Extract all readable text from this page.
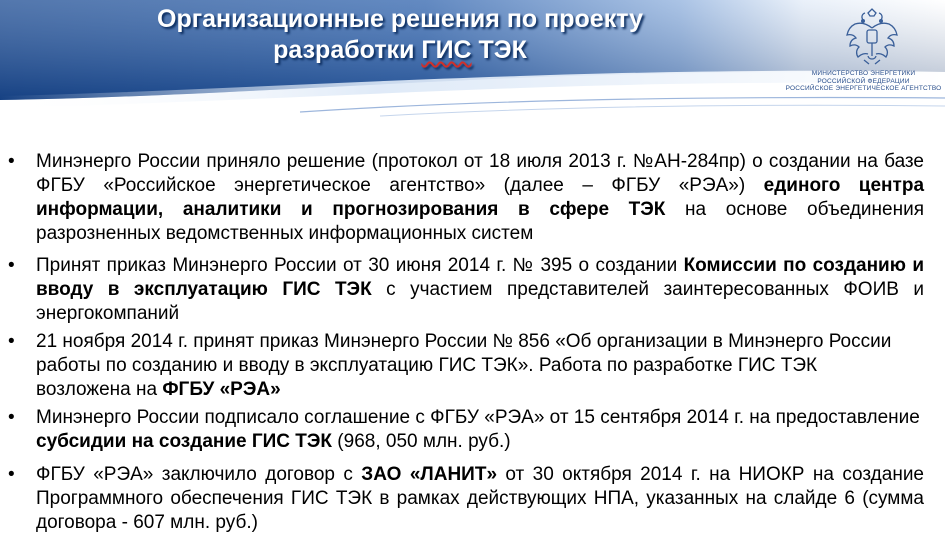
Организационные решения по проекту
разработки ГИС ТЭК
МИНИСТЕРСТВО ЭНЕРГЕТИКИ
РОССИЙСКОЙ ФЕДЕРАЦИИ
РОССИЙСКОЕ ЭНЕРГЕТИЧЕСКОЕ АГЕНТСТВО
•	Минэнерго России приняло решение (протокол от 18 июля 2013 г. №АН-284пр) о создании на базе ФГБУ «Российское энергетическое агентство» (далее – ФГБУ «РЭА») единого центра информации, аналитики и прогнозирования в сфере ТЭК на основе объединения разрозненных ведомственных информационных систем
•	Принят приказ Минэнерго России от 30 июня 2014 г. № 395 о создании Комиссии по созданию и вводу в эксплуатацию ГИС ТЭК с участием представителей заинтересованных ФОИВ и энергокомпаний
•	21 ноября 2014 г. принят приказ Минэнерго России № 856 «Об организации в Минэнерго России работы по созданию и вводу в эксплуатацию ГИС ТЭК». Работа по разработке ГИС ТЭК возложена на ФГБУ «РЭА»
•	Минэнерго России подписало соглашение с ФГБУ «РЭА» от 15 сентября 2014 г. на предоставление субсидии на создание ГИС ТЭК (968, 050 млн. руб.)
•	ФГБУ «РЭА» заключило договор с ЗАО «ЛАНИТ» от 30 октября 2014 г. на НИОКР на создание Программного обеспечения ГИС ТЭК в рамках действующих НПА, указанных на слайде 6 (сумма договора - 607 млн. руб.)
